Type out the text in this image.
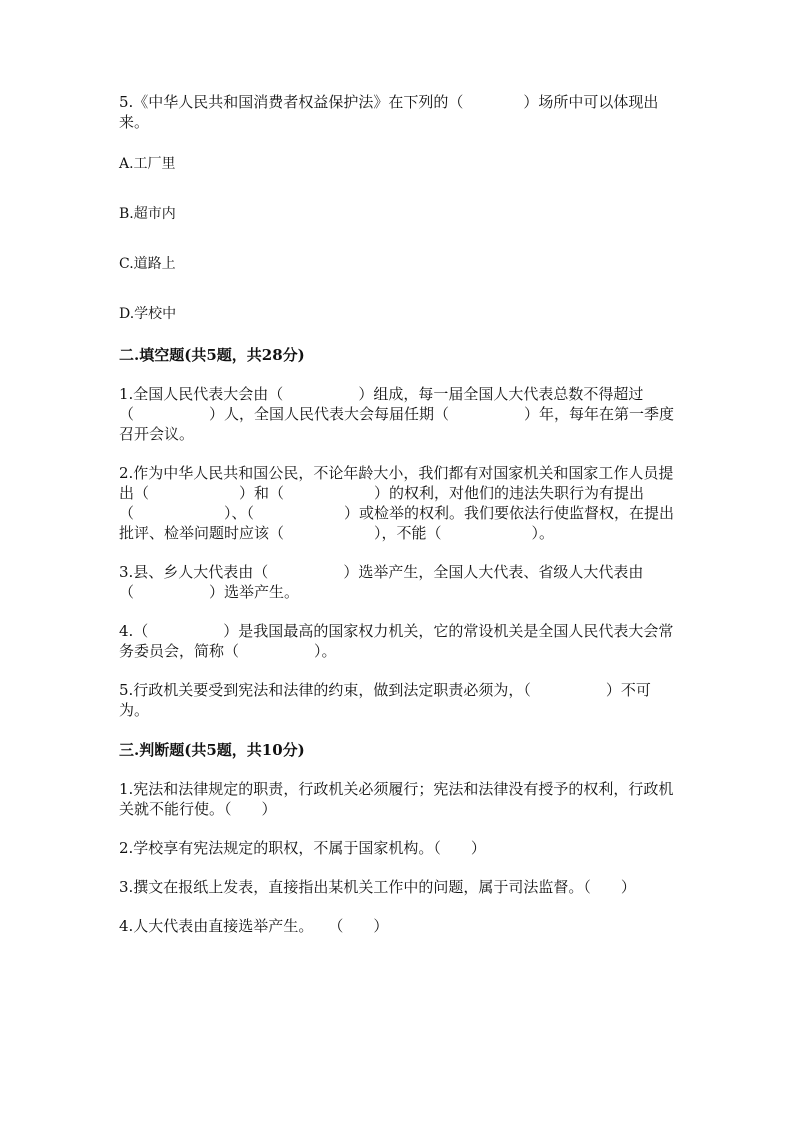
5.《中华人民共和国消费者权益保护法》在下列的（　　　　）场所中可以体现出来。

A.工厂里

B.超市内

C.道路上

D.学校中

二.填空题(共5题，共28分)

1.全国人民代表大会由（　　　　　）组成，每一届全国人大代表总数不得超过（　　　　　）人，全国人民代表大会每届任期（　　　　　）年，每年在第一季度召开会议。

2.作为中华人民共和国公民，不论年龄大小，我们都有对国家机关和国家工作人员提出（　　　　　　）和（　　　　　　）的权利，对他们的违法失职行为有提出（　　　　　　）、（　　　　　　）或检举的权利。我们要依法行使监督权，在提出批评、检举问题时应该（　　　　　　），不能（　　　　　　）。

3.县、乡人大代表由（　　　　　）选举产生，全国人大代表、省级人大代表由（　　　　　）选举产生。

4.（　　　　　）是我国最高的国家权力机关，它的常设机关是全国人民代表大会常务委员会，简称（　　　　　）。

5.行政机关要受到宪法和法律的约束，做到法定职责必须为，（　　　　　）不可为。

三.判断题(共5题，共10分)

1.宪法和法律规定的职责，行政机关必须履行；宪法和法律没有授予的权利，行政机关就不能行使。（　　）

2.学校享有宪法规定的职权，不属于国家机构。（　　）

3.撰文在报纸上发表，直接指出某机关工作中的问题，属于司法监督。（　　）

4.人大代表由直接选举产生。　　（　　）
